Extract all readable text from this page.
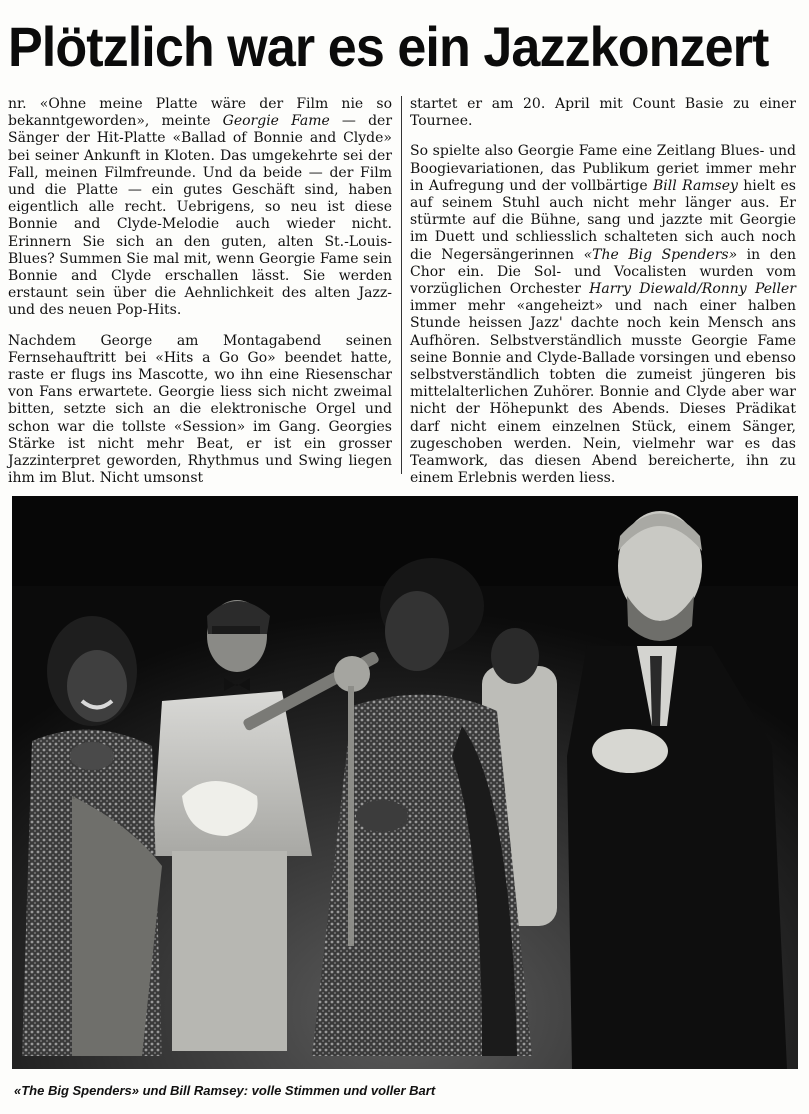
Plötzlich war es ein Jazzkonzert

nr. «Ohne meine Platte wäre der Film nie so bekanntgeworden», meinte Georgie Fame — der Sänger der Hit-Platte «Ballad of Bonnie and Clyde» bei seiner Ankunft in Kloten. Das umgekehrte sei der Fall, meinen Filmfreunde. Und da beide — der Film und die Platte — ein gutes Geschäft sind, haben eigentlich alle recht. Uebrigens, so neu ist diese Bonnie and Clyde-Melodie auch wieder nicht. Erinnern Sie sich an den guten, alten St.-Louis-Blues? Summen Sie mal mit, wenn Georgie Fame sein Bonnie and Clyde erschallen lässt. Sie werden erstaunt sein über die Aehnlichkeit des alten Jazz- und des neuen Pop-Hits.

Nachdem George am Montagabend seinen Fernsehauftritt bei «Hits a Go Go» beendet hatte, raste er flugs ins Mascotte, wo ihn eine Riesenschar von Fans erwartete. Georgie liess sich nicht zweimal bitten, setzte sich an die elektronische Orgel und schon war die tollste «Session» im Gang. Georgies Stärke ist nicht mehr Beat, er ist ein grosser Jazzinterpret geworden, Rhythmus und Swing liegen ihm im Blut. Nicht umsonst

startet er am 20. April mit Count Basie zu einer Tournee.

So spielte also Georgie Fame eine Zeitlang Blues- und Boogievariationen, das Publikum geriet immer mehr in Aufregung und der vollbärtige Bill Ramsey hielt es auf seinem Stuhl auch nicht mehr länger aus. Er stürmte auf die Bühne, sang und jazzte mit Georgie im Duett und schliesslich schalteten sich auch noch die Negersängerinnen «The Big Spenders» in den Chor ein. Die Sol- und Vocalisten wurden vom vorzüglichen Orchester Harry Diewald/Ronny Peller immer mehr «angeheizt» und nach einer halben Stunde heissen Jazz' dachte noch kein Mensch ans Aufhören. Selbstverständlich musste Georgie Fame seine Bonnie and Clyde-Ballade vorsingen und ebenso selbstverständlich tobten die zumeist jüngeren bis mittelalterlichen Zuhörer. Bonnie and Clyde aber war nicht der Höhepunkt des Abends. Dieses Prädikat darf nicht einem einzelnen Stück, einem Sänger, zugeschoben werden. Nein, vielmehr war es das Teamwork, das diesen Abend bereicherte, ihn zu einem Erlebnis werden liess.

«The Big Spenders» und Bill Ramsey: volle Stimmen und voller Bart
